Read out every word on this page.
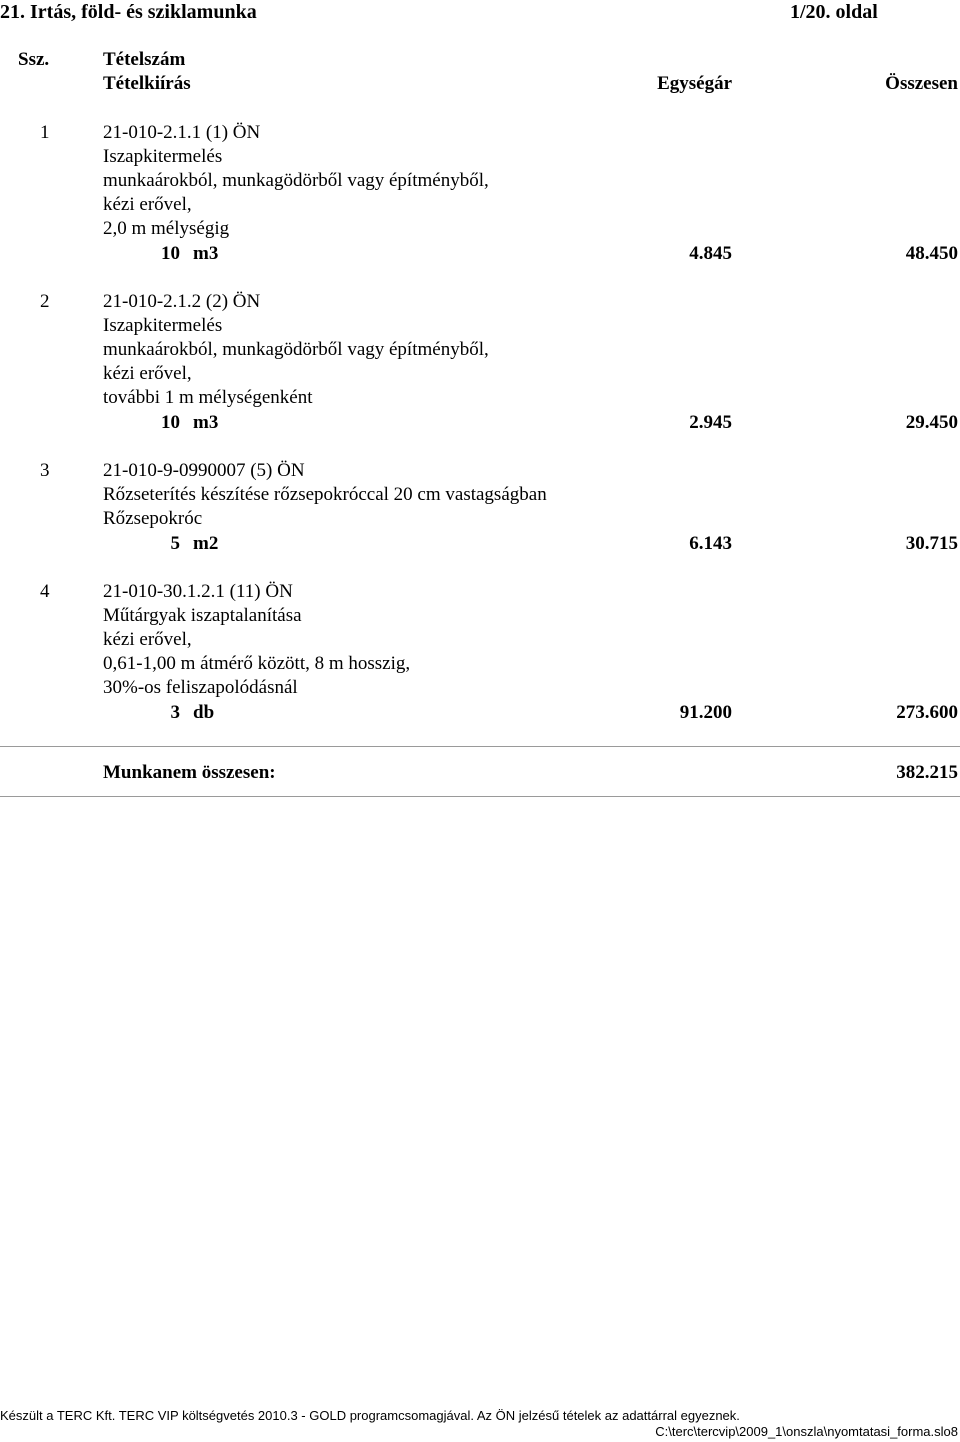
21. Irtás, föld- és sziklamunka	1/20. oldal
Ssz.	Tételszám
Tételkiírás	Egységár	Összesen
1	21-010-2.1.1 (1) ÖN
Iszapkitermelés
munkaárokból, munkagödörből vagy építményből,
kézi erővel,
2,0 m mélységig
10 m3	4.845	48.450
2	21-010-2.1.2 (2) ÖN
Iszapkitermelés
munkaárokból, munkagödörből vagy építményből,
kézi erővel,
további 1 m mélységenként
10 m3	2.945	29.450
3	21-010-9-0990007 (5) ÖN
Rőzseterítés készítése rőzsepokróccal 20 cm vastagságban
Rőzsepokróc
5 m2	6.143	30.715
4	21-010-30.1.2.1 (11) ÖN
Műtárgyak iszaptalanítása
kézi erővel,
0,61-1,00 m átmérő között, 8 m hosszig,
30%-os feliszapolódásnál
3 db	91.200	273.600
Munkanem összesen:	382.215
Készült a TERC Kft. TERC VIP költségvetés 2010.3 - GOLD programcsomagjával. Az ÖN jelzésű tételek az adattárral egyeznek.
C:\terc\tercvip\2009_1\onszla\nyomtatasi_forma.slo8
